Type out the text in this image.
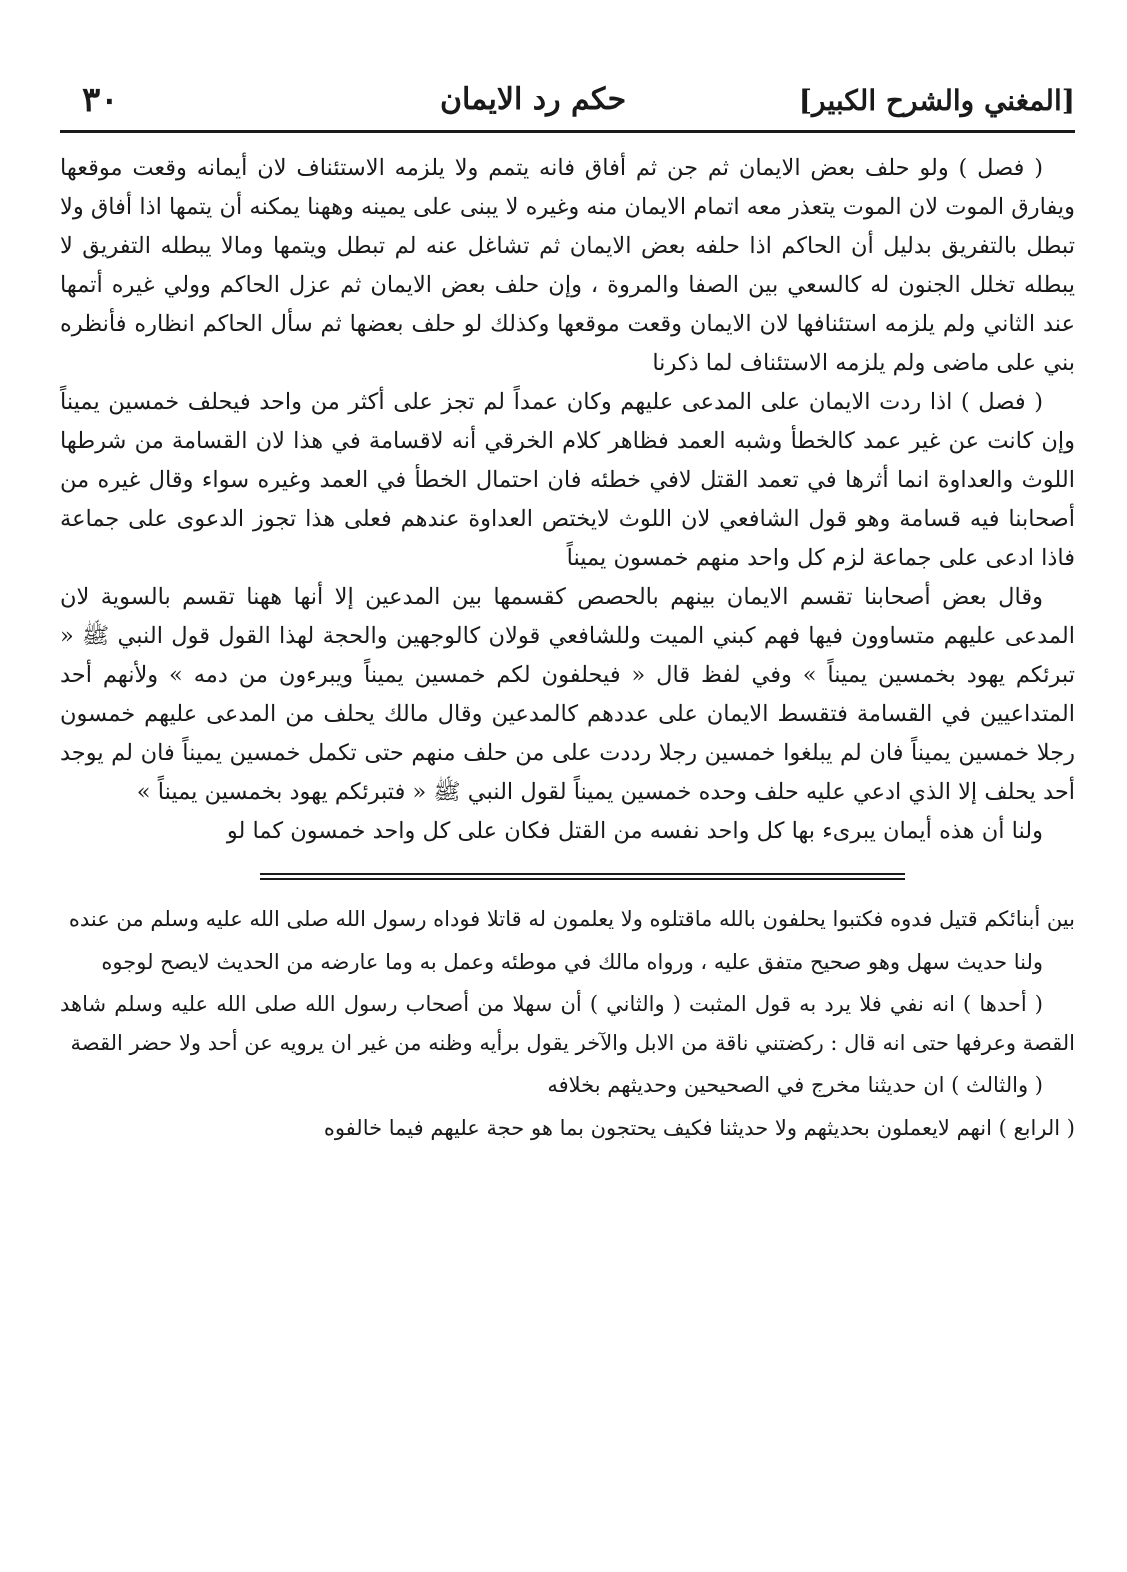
٣٠	حكم رد الايمان	[المغني والشرح الكبير]

( فصل ) ولو حلف بعض الايمان ثم جن ثم أفاق فانه يتمم ولا يلزمه الاستئناف لان أيمانه وقعت موقعها ويفارق الموت لان الموت يتعذر معه اتمام الايمان منه وغيره لا يبنى على يمينه وههنا يمكنه أن يتمها اذا أفاق ولا تبطل بالتفريق بدليل أن الحاكم اذا حلفه بعض الايمان ثم تشاغل عنه لم تبطل ويتمها ومالا يبطله التفريق لا يبطله تخلل الجنون له كالسعي بين الصفا والمروة ، وإن حلف بعض الايمان ثم عزل الحاكم وولي غيره أتمها عند الثاني ولم يلزمه استئنافها لان الايمان وقعت موقعها وكذلك لو حلف بعضها ثم سأل الحاكم انظاره فأنظره بني على ماضى ولم يلزمه الاستئناف لما ذكرنا

( فصل ) اذا ردت الايمان على المدعى عليهم وكان عمداً لم تجز على أكثر من واحد فيحلف خمسين يميناً وإن كانت عن غير عمد كالخطأ وشبه العمد فظاهر كلام الخرقي أنه لاقسامة في هذا لان القسامة من شرطها اللوث والعداوة انما أثرها في تعمد القتل لافي خطئه فان احتمال الخطأ في العمد وغيره سواء وقال غيره من أصحابنا فيه قسامة وهو قول الشافعي لان اللوث لايختص العداوة عندهم فعلى هذا تجوز الدعوى على جماعة فاذا ادعى على جماعة لزم كل واحد منهم خمسون يميناً

وقال بعض أصحابنا تقسم الايمان بينهم بالحصص كقسمها بين المدعين إلا أنها ههنا تقسم بالسوية لان المدعى عليهم متساوون فيها فهم كبني الميت وللشافعي قولان كالوجهين والحجة لهذا القول قول النبي ﷺ « تبرئكم يهود بخمسين يميناً » وفي لفظ قال « فيحلفون لكم خمسين يميناً ويبرءون من دمه » ولأنهم أحد المتداعيين في القسامة فتقسط الايمان على عددهم كالمدعين وقال مالك يحلف من المدعى عليهم خمسون رجلا خمسين يميناً فان لم يبلغوا خمسين رجلا رددت على من حلف منهم حتى تكمل خمسين يميناً فان لم يوجد أحد يحلف إلا الذي ادعي عليه حلف وحده خمسين يميناً لقول النبي ﷺ « فتبرئكم يهود بخمسين يميناً »

ولنا أن هذه أيمان يبرىء بها كل واحد نفسه من القتل فكان على كل واحد خمسون كما لو

بين أبنائكم قتيل فدوه فكتبوا يحلفون بالله ماقتلوه ولا يعلمون له قاتلا فوداه رسول الله صلى الله عليه وسلم من عنده

ولنا حديث سهل وهو صحيح متفق عليه ، ورواه مالك في موطئه وعمل به وما عارضه من الحديث لايصح لوجوه

( أحدها ) انه نفي فلا يرد به قول المثبت ( والثاني ) أن سهلا من أصحاب رسول الله صلى الله عليه وسلم شاهد القصة وعرفها حتى انه قال : ركضتني ناقة من الابل والآخر يقول برأيه وظنه من غير ان يرويه عن أحد ولا حضر القصة

( والثالث ) ان حديثنا مخرج في الصحيحين وحديثهم بخلافه

( الرابع ) انهم لايعملون بحديثهم ولا حديثنا فكيف يحتجون بما هو حجة عليهم فيما خالفوه
